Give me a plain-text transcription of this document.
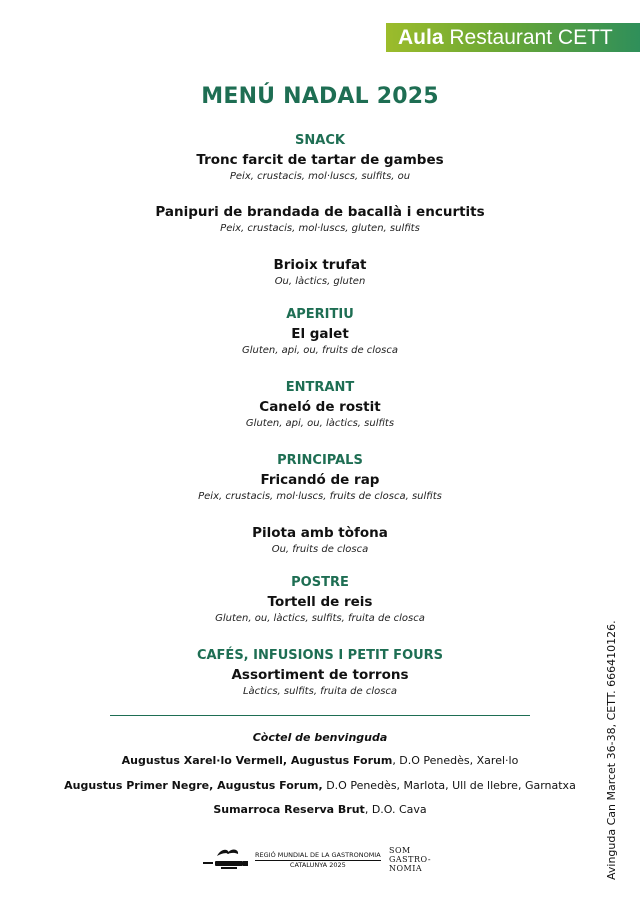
Aula Restaurant CETT
MENÚ NADAL 2025
SNACK
Tronc farcit de tartar de gambes
Peix, crustacis, mol·luscs, sulfits, ou
Panipuri de brandada de bacallà i encurtits
Peix, crustacis, mol·luscs, gluten, sulfits
Brioix trufat
Ou, làctics, gluten
APERITIU
El galet
Gluten, api, ou, fruits de closca
ENTRANT
Caneló de rostit
Gluten, api, ou, làctics, sulfits
PRINCIPALS
Fricandó de rap
Peix, crustacis, mol·luscs, fruits de closca, sulfits
Pilota amb tòfona
Ou, fruits de closca
POSTRE
Tortell de reis
Gluten, ou, làctics, sulfits, fruita de closca
CAFÉS, INFUSIONS I PETIT FOURS
Assortiment de torrons
Làctics, sulfits, fruita de closca
Còctel de benvinguda
Augustus Xarel·lo Vermell, Augustus Forum, D.O Penedès, Xarel·lo
Augustus Primer Negre, Augustus Forum, D.O Penedès, Marlota, Ull de llebre, Garnatxa
Sumarroca Reserva Brut, D.O. Cava	Avinguda Can Marcet 36-38, CETT. 666410126.
REGIÓ MUNDIAL DE LA GASTRONOMIA
CATALUNYA 2025
SOM
GASTRO-
NOMIA
